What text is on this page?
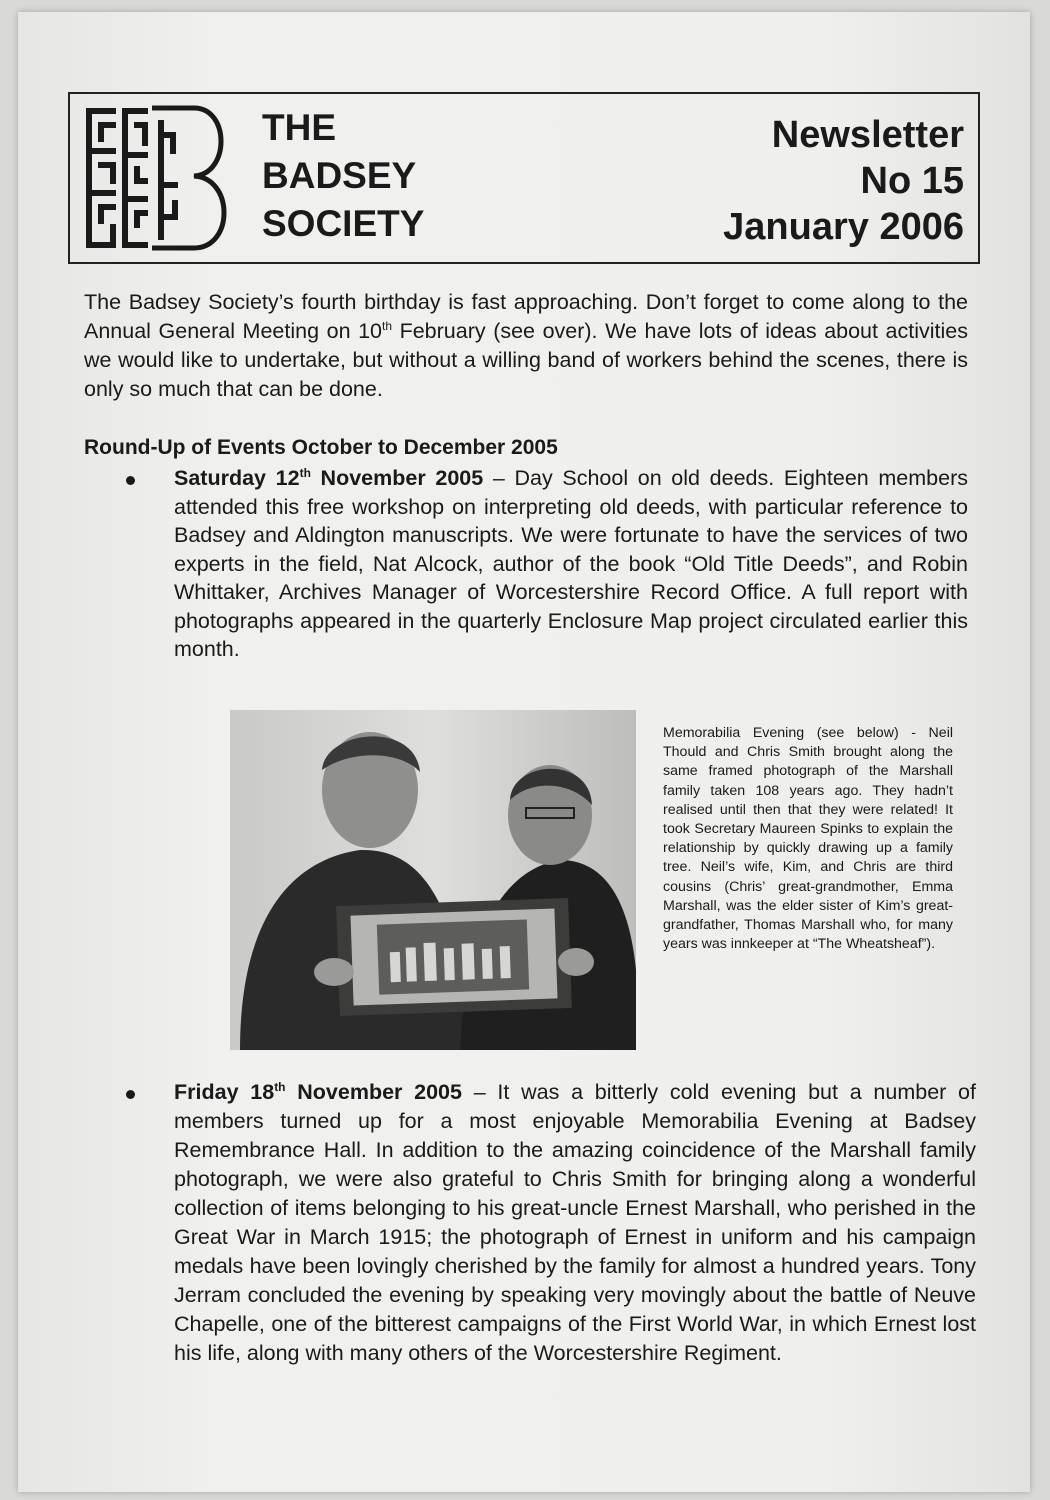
THE
BADSEY
SOCIETY
Newsletter
No 15
January 2006

The Badsey Society’s fourth birthday is fast approaching. Don’t forget to come along to the Annual General Meeting on 10th February (see over). We have lots of ideas about activities we would like to undertake, but without a willing band of workers behind the scenes, there is only so much that can be done.

Round-Up of Events October to December 2005
Saturday 12th November 2005 – Day School on old deeds. Eighteen members attended this free workshop on interpreting old deeds, with particular reference to Badsey and Aldington manuscripts. We were fortunate to have the services of two experts in the field, Nat Alcock, author of the book “Old Title Deeds”, and Robin Whittaker, Archives Manager of Worcestershire Record Office. A full report with photographs appeared in the quarterly Enclosure Map project circulated earlier this month.
Memorabilia Evening (see below) - Neil Thould and Chris Smith brought along the same framed photograph of the Marshall family taken 108 years ago. They hadn’t realised until then that they were related! It took Secretary Maureen Spinks to explain the relationship by quickly drawing up a family tree. Neil’s wife, Kim, and Chris are third cousins (Chris’ great-grandmother, Emma Marshall, was the elder sister of Kim’s great-grandfather, Thomas Marshall who, for many years was innkeeper at “The Wheatsheaf”).
Friday 18th November 2005 – It was a bitterly cold evening but a number of members turned up for a most enjoyable Memorabilia Evening at Badsey Remembrance Hall. In addition to the amazing coincidence of the Marshall family photograph, we were also grateful to Chris Smith for bringing along a wonderful collection of items belonging to his great-uncle Ernest Marshall, who perished in the Great War in March 1915; the photograph of Ernest in uniform and his campaign medals have been lovingly cherished by the family for almost a hundred years. Tony Jerram concluded the evening by speaking very movingly about the battle of Neuve Chapelle, one of the bitterest campaigns of the First World War, in which Ernest lost his life, along with many others of the Worcestershire Regiment.
